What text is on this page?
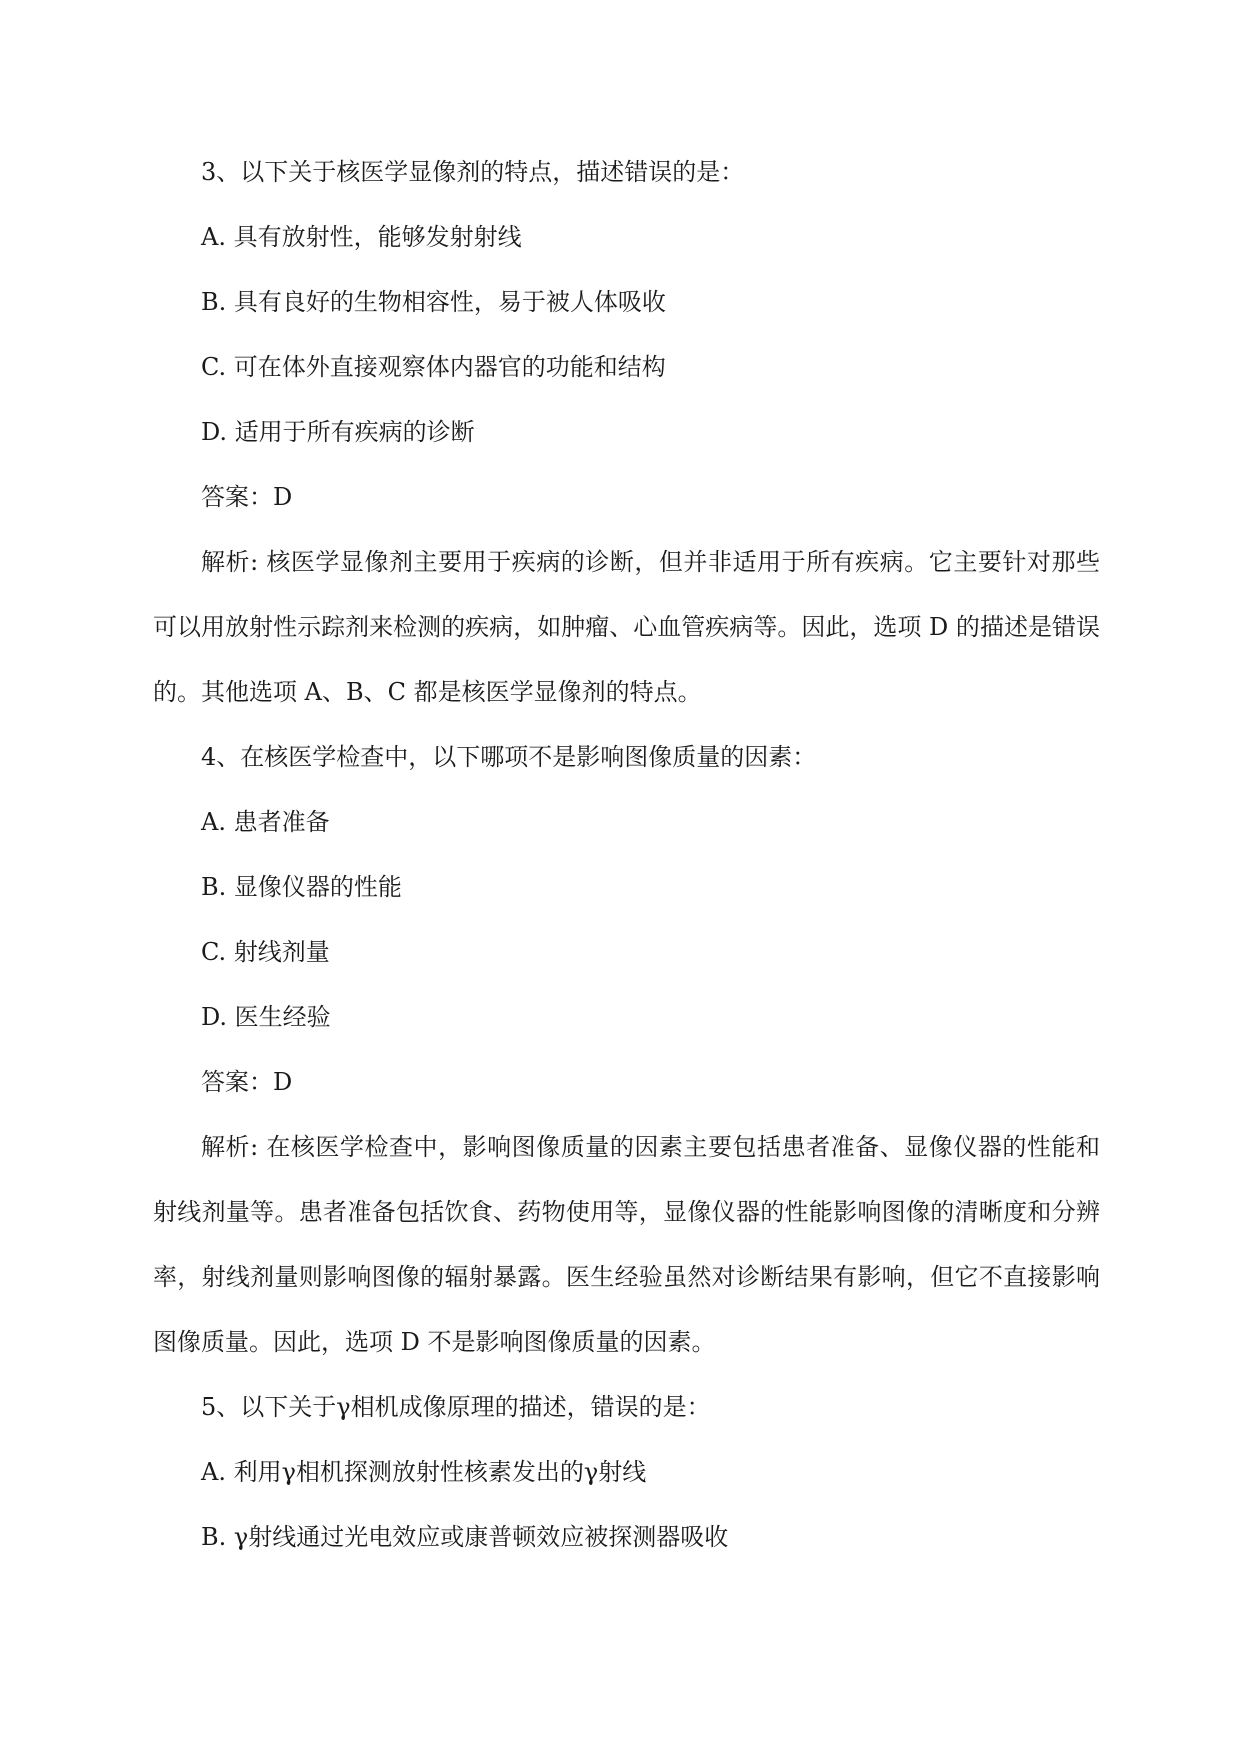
3、以下关于核医学显像剂的特点，描述错误的是：

A. 具有放射性，能够发射射线

B. 具有良好的生物相容性，易于被人体吸收

C. 可在体外直接观察体内器官的功能和结构

D. 适用于所有疾病的诊断

答案：D

解析: 核医学显像剂主要用于疾病的诊断，但并非适用于所有疾病。它主要针对那些可以用放射性示踪剂来检测的疾病，如肿瘤、心血管疾病等。因此，选项 D 的描述是错误的。其他选项 A、B、C 都是核医学显像剂的特点。

4、在核医学检查中，以下哪项不是影响图像质量的因素：

A. 患者准备

B. 显像仪器的性能

C. 射线剂量

D. 医生经验

答案：D

解析: 在核医学检查中，影响图像质量的因素主要包括患者准备、显像仪器的性能和射线剂量等。患者准备包括饮食、药物使用等，显像仪器的性能影响图像的清晰度和分辨率，射线剂量则影响图像的辐射暴露。医生经验虽然对诊断结果有影响，但它不直接影响图像质量。因此，选项 D 不是影响图像质量的因素。

5、以下关于γ相机成像原理的描述，错误的是：

A. 利用γ相机探测放射性核素发出的γ射线

B. γ射线通过光电效应或康普顿效应被探测器吸收
